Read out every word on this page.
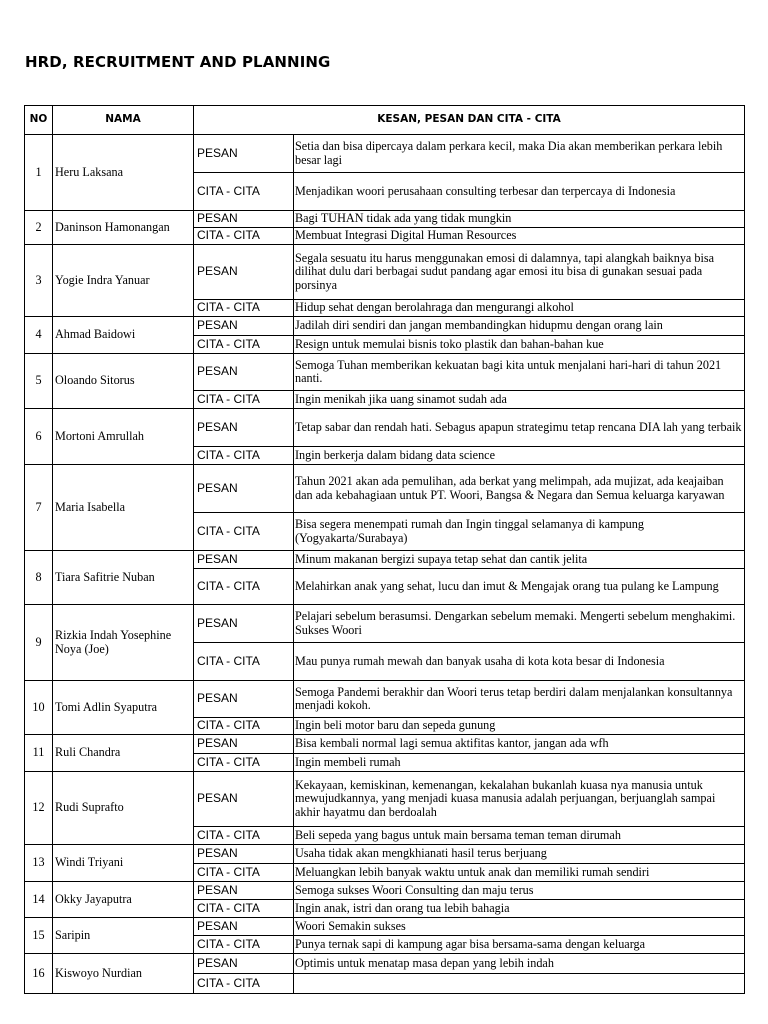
HRD, RECRUITMENT AND PLANNING
NO	NAMA	KESAN, PESAN DAN CITA - CITA	
1	Heru Laksana	PESAN	Setia dan bisa dipercaya dalam perkara kecil, maka Dia akan memberikan perkara lebih besar lagi
		CITA - CITA	Menjadikan woori perusahaan consulting terbesar dan terpercaya di Indonesia
2	Daninson Hamonangan	PESAN	Bagi TUHAN tidak ada yang tidak mungkin
		CITA - CITA	Membuat Integrasi Digital Human Resources
3	Yogie Indra Yanuar	PESAN	Segala sesuatu itu harus menggunakan emosi di dalamnya, tapi alangkah baiknya bisa dilihat dulu dari berbagai sudut pandang agar emosi itu bisa di gunakan sesuai pada porsinya
		CITA - CITA	Hidup sehat dengan berolahraga dan mengurangi alkohol
4	Ahmad Baidowi	PESAN	Jadilah diri sendiri dan jangan membandingkan hidupmu dengan orang lain
		CITA - CITA	Resign untuk memulai bisnis toko plastik dan bahan-bahan kue
5	Oloando Sitorus	PESAN	Semoga Tuhan memberikan kekuatan bagi kita untuk menjalani hari-hari di tahun 2021 nanti.
		CITA - CITA	Ingin menikah jika uang sinamot sudah ada
6	Mortoni Amrullah	PESAN	Tetap sabar dan rendah hati. Sebagus apapun strategimu tetap rencana DIA lah yang terbaik
		CITA - CITA	Ingin berkerja dalam bidang data science
7	Maria Isabella	PESAN	Tahun 2021 akan ada pemulihan, ada berkat yang melimpah, ada mujizat, ada keajaiban dan ada kebahagiaan untuk PT. Woori, Bangsa & Negara dan Semua keluarga karyawan
		CITA - CITA	Bisa segera menempati rumah dan Ingin tinggal selamanya di kampung (Yogyakarta/Surabaya)
8	Tiara Safitrie Nuban	PESAN	Minum makanan bergizi supaya tetap sehat dan cantik jelita
		CITA - CITA	Melahirkan anak yang sehat, lucu dan imut & Mengajak orang tua pulang ke Lampung
9	Rizkia Indah Yosephine Noya (Joe)	PESAN	Pelajari sebelum berasumsi. Dengarkan sebelum memaki. Mengerti sebelum menghakimi. Sukses Woori
		CITA - CITA	Mau punya rumah mewah dan banyak usaha di kota kota besar di Indonesia
10	Tomi Adlin Syaputra	PESAN	Semoga Pandemi berakhir dan Woori terus tetap berdiri dalam menjalankan konsultannya menjadi kokoh.
		CITA - CITA	Ingin beli motor baru dan sepeda gunung
11	Ruli Chandra	PESAN	Bisa kembali normal lagi semua aktifitas kantor, jangan ada wfh
		CITA - CITA	Ingin membeli rumah
12	Rudi Suprafto	PESAN	Kekayaan, kemiskinan, kemenangan, kekalahan bukanlah kuasa nya manusia untuk mewujudkannya, yang menjadi kuasa manusia adalah perjuangan, berjuanglah sampai akhir hayatmu dan berdoalah
		CITA - CITA	Beli sepeda yang bagus untuk main bersama teman teman dirumah
13	Windi Triyani	PESAN	Usaha tidak akan mengkhianati hasil terus berjuang
		CITA - CITA	Meluangkan lebih banyak waktu untuk anak dan memiliki rumah sendiri
14	Okky Jayaputra	PESAN	Semoga sukses Woori Consulting dan maju terus
		CITA - CITA	Ingin anak, istri dan orang tua lebih bahagia
15	Saripin	PESAN	Woori Semakin sukses
		CITA - CITA	Punya ternak sapi di kampung agar bisa bersama-sama dengan keluarga
16	Kiswoyo Nurdian	PESAN	Optimis untuk menatap masa depan yang lebih indah
		CITA - CITA	
